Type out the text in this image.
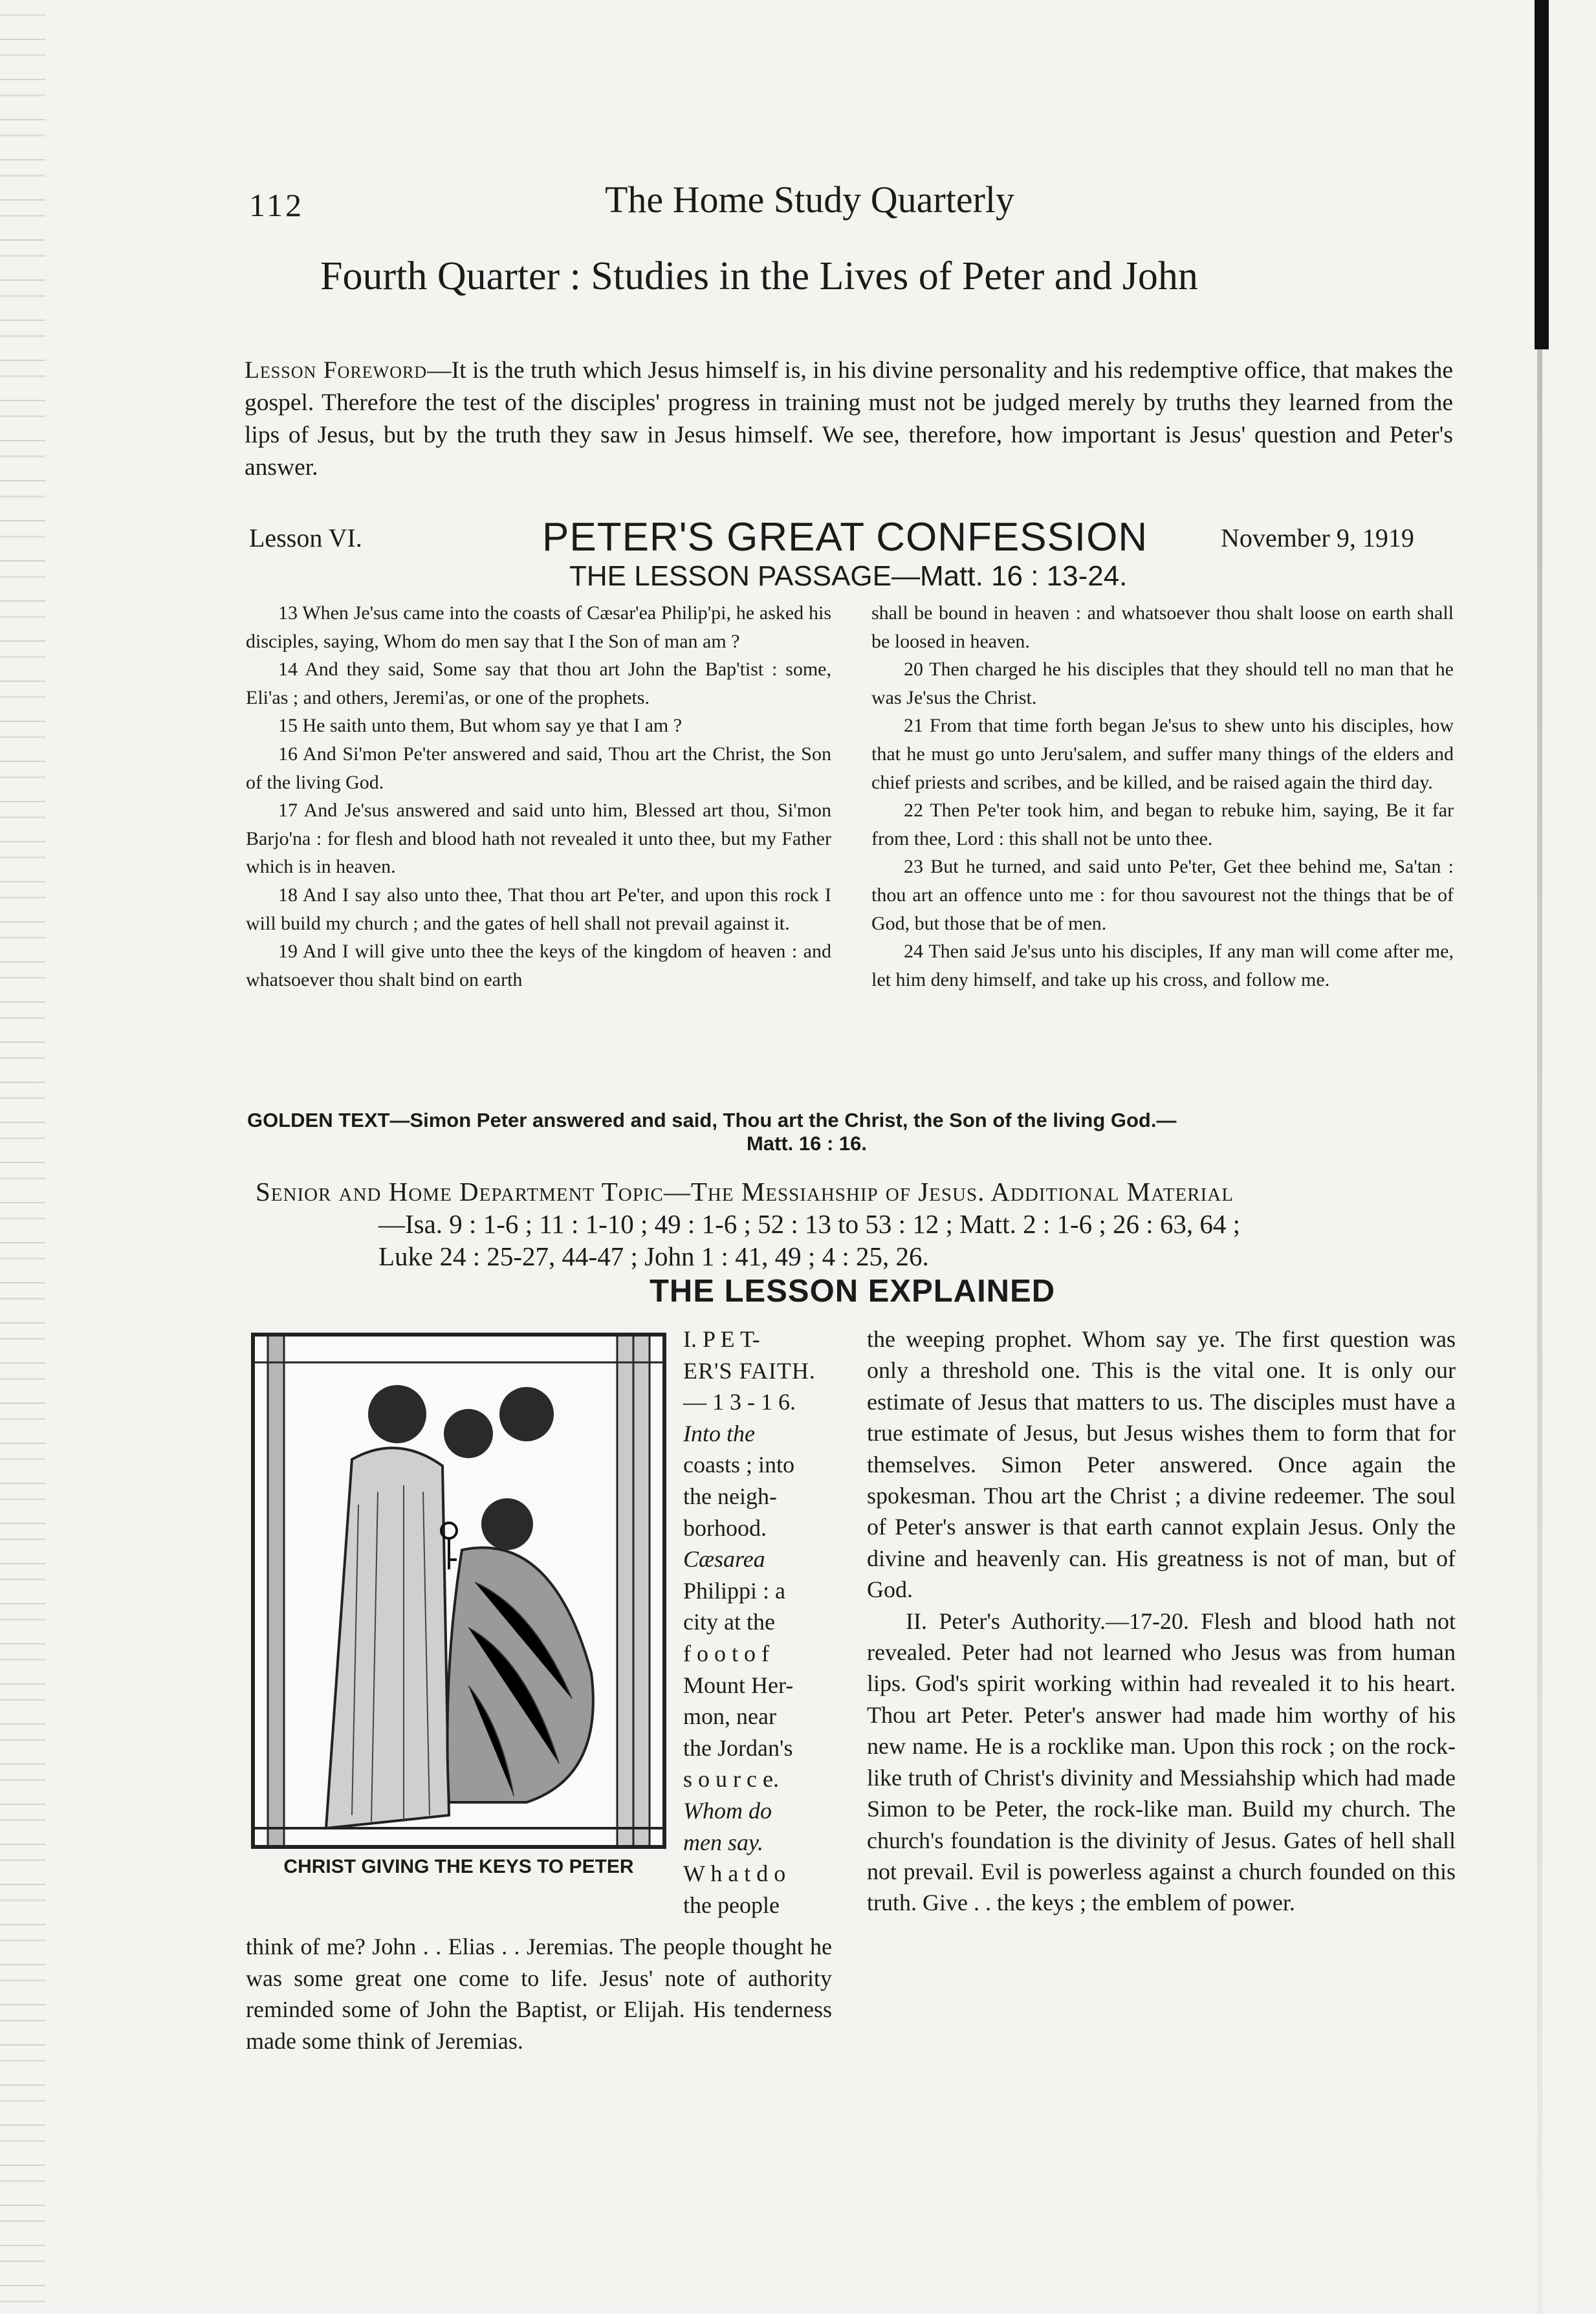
112	The Home Study Quarterly
Fourth Quarter : Studies in the Lives of Peter and John
Lesson Foreword—It is the truth which Jesus himself is, in his divine personality and his redemptive office, that makes the gospel. Therefore the test of the disciples' progress in training must not be judged merely by truths they learned from the lips of Jesus, but by the truth they saw in Jesus himself. We see, therefore, how important is Jesus' question and Peter's answer.
Lesson VI.	PETER'S GREAT CONFESSION	November 9, 1919
THE LESSON PASSAGE—Matt. 16 : 13-24.

13 When Je'sus came into the coasts of Cæsar'ea Philip'pi, he asked his disciples, saying, Whom do men say that I the Son of man am ?

14 And they said, Some say that thou art John the Bap'tist : some, Eli'as ; and others, Jeremi'as, or one of the prophets.

15 He saith unto them, But whom say ye that I am ?

16 And Si'mon Pe'ter answered and said, Thou art the Christ, the Son of the living God.

17 And Je'sus answered and said unto him, Blessed art thou, Si'mon Barjo'na : for flesh and blood hath not revealed it unto thee, but my Father which is in heaven.

18 And I say also unto thee, That thou art Pe'ter, and upon this rock I will build my church ; and the gates of hell shall not prevail against it.

19 And I will give unto thee the keys of the kingdom of heaven : and whatsoever thou shalt bind on earth

shall be bound in heaven : and whatsoever thou shalt loose on earth shall be loosed in heaven.

20 Then charged he his disciples that they should tell no man that he was Je'sus the Christ.

21 From that time forth began Je'sus to shew unto his disciples, how that he must go unto Jeru'salem, and suffer many things of the elders and chief priests and scribes, and be killed, and be raised again the third day.

22 Then Pe'ter took him, and began to rebuke him, saying, Be it far from thee, Lord : this shall not be unto thee.

23 But he turned, and said unto Pe'ter, Get thee behind me, Sa'tan : thou art an offence unto me : for thou savourest not the things that be of God, but those that be of men.

24 Then said Je'sus unto his disciples, If any man will come after me, let him deny himself, and take up his cross, and follow me.

GOLDEN TEXT—Simon Peter answered and said, Thou art the Christ, the Son of the living God.—
Matt. 16 : 16.
Senior and Home Department Topic—The Messiahship of Jesus. Additional Material
—Isa. 9 : 1-6 ; 11 : 1-10 ; 49 : 1-6 ; 52 : 13 to 53 : 12 ; Matt. 2 : 1-6 ; 26 : 63, 64 ;
Luke 24 : 25-27, 44-47 ; John 1 : 41, 49 ; 4 : 25, 26.
THE LESSON EXPLAINED
CHRIST GIVING THE KEYS TO PETER
I. P E T-
ER'S FAITH.
— 1 3 - 1 6.
Into the
coasts ; into
the neigh-
borhood.
Cæsarea
Philippi : a
city at the
f o o t o f
Mount Her-
mon, near
the Jordan's
s o u r c e.
Whom do
men say.
W h a t d o
the people
think of me? John . . Elias . . Jeremias. The people thought he was some great one come to life. Jesus' note of authority reminded some of John the Baptist, or Elijah. His tenderness made some think of Jeremias.

the weeping prophet. Whom say ye. The first question was only a threshold one. This is the vital one. It is only our estimate of Jesus that matters to us. The disciples must have a true estimate of Jesus, but Jesus wishes them to form that for themselves. Simon Peter answered. Once again the spokesman. Thou art the Christ ; a divine redeemer. The soul of Peter's answer is that earth cannot explain Jesus. Only the divine and heavenly can. His greatness is not of man, but of God.

II. Peter's Authority.—17-20. Flesh and blood hath not revealed. Peter had not learned who Jesus was from human lips. God's spirit working within had revealed it to his heart. Thou art Peter. Peter's answer had made him worthy of his new name. He is a rocklike man. Upon this rock ; on the rock-like truth of Christ's divinity and Messiahship which had made Simon to be Peter, the rock-like man. Build my church. The church's foundation is the divinity of Jesus. Gates of hell shall not prevail. Evil is powerless against a church founded on this truth. Give . . the keys ; the emblem of power.
